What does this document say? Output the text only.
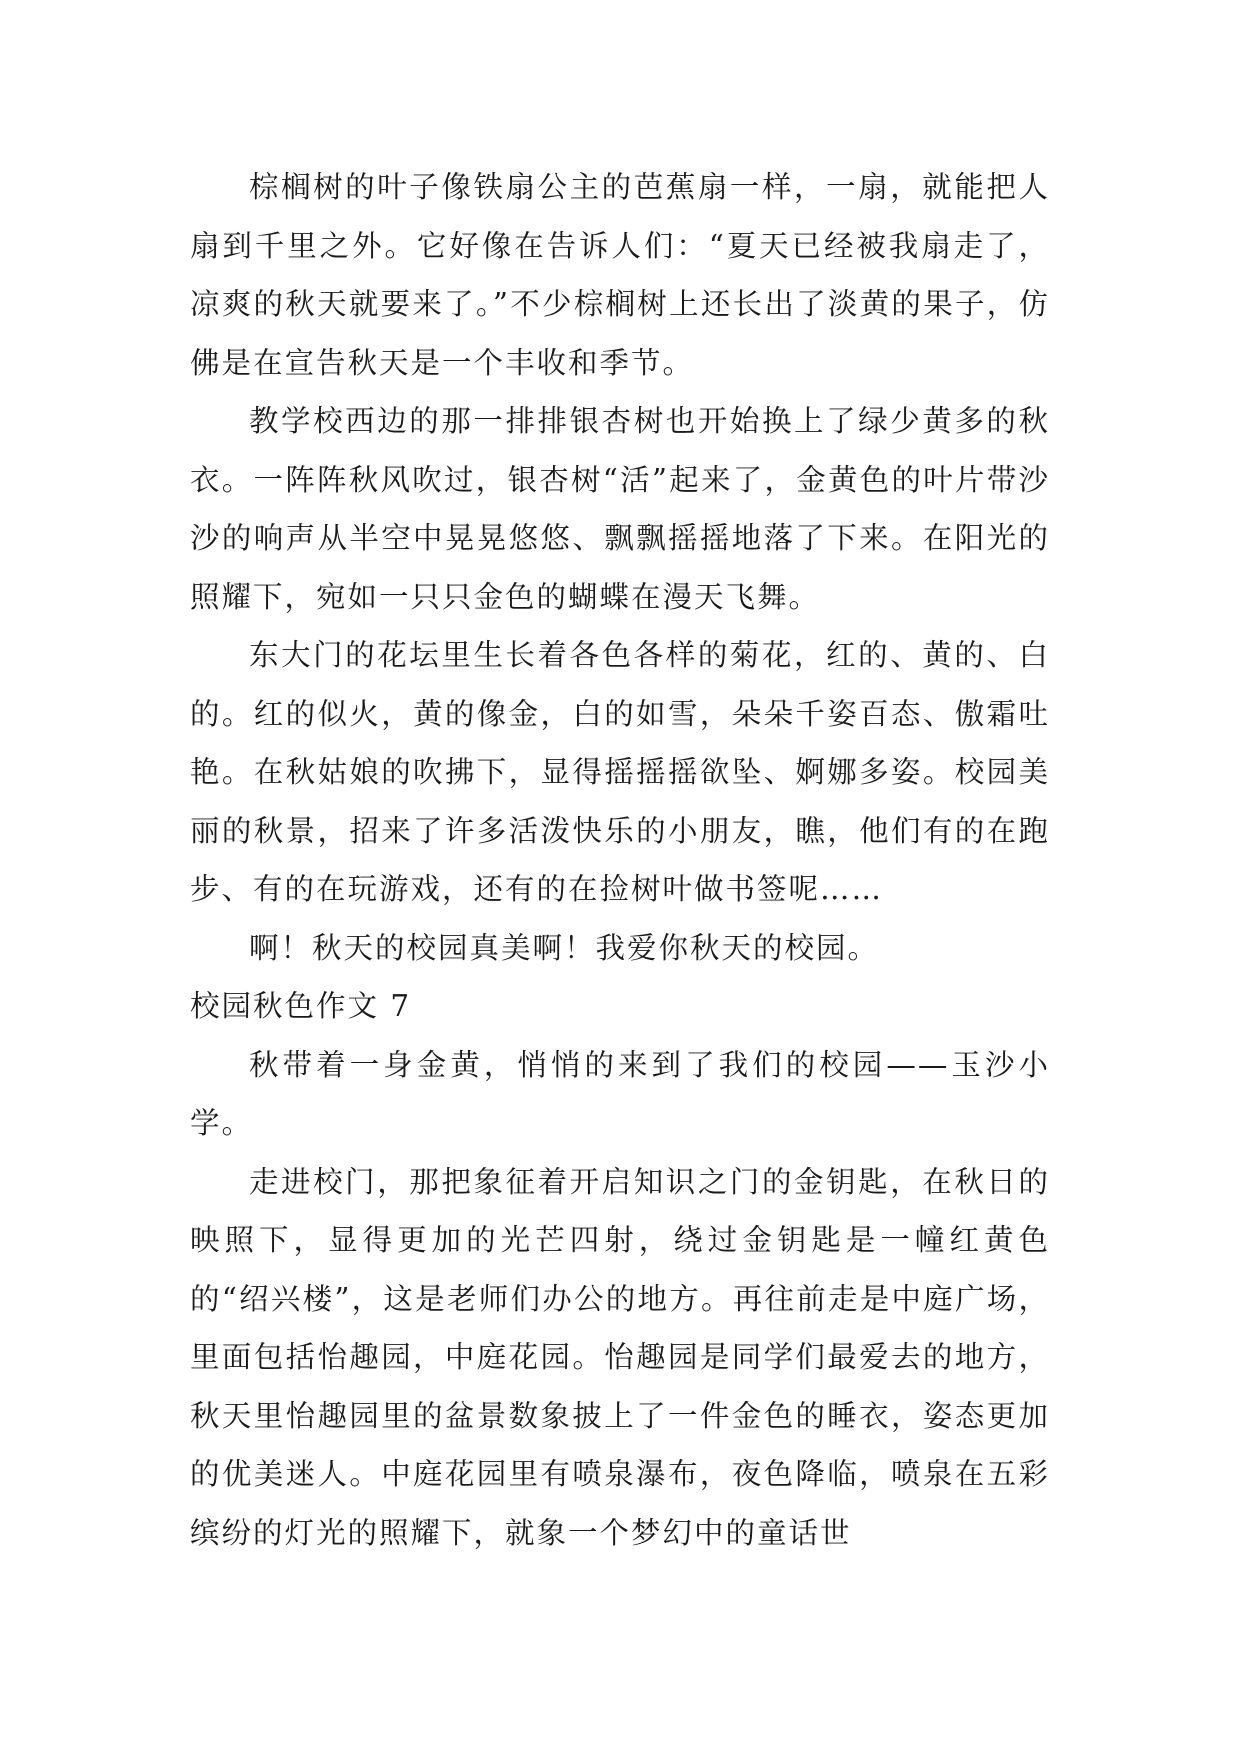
棕榈树的叶子像铁扇公主的芭蕉扇一样，一扇，就能把人扇到千里之外。它好像在告诉人们：“夏天已经被我扇走了，凉爽的秋天就要来了。”不少棕榈树上还长出了淡黄的果子，仿佛是在宣告秋天是一个丰收和季节。

教学校西边的那一排排银杏树也开始换上了绿少黄多的秋衣。一阵阵秋风吹过，银杏树“活”起来了，金黄色的叶片带沙沙的响声从半空中晃晃悠悠、飘飘摇摇地落了下来。在阳光的照耀下，宛如一只只金色的蝴蝶在漫天飞舞。

东大门的花坛里生长着各色各样的菊花，红的、黄的、白的。红的似火，黄的像金，白的如雪，朵朵千姿百态、傲霜吐艳。在秋姑娘的吹拂下，显得摇摇摇欲坠、婀娜多姿。校园美丽的秋景，招来了许多活泼快乐的小朋友，瞧，他们有的在跑步、有的在玩游戏，还有的在捡树叶做书签呢……

啊！秋天的校园真美啊！我爱你秋天的校园。

校园秋色作文 7

秋带着一身金黄，悄悄的来到了我们的校园——玉沙小学。

走进校门，那把象征着开启知识之门的金钥匙，在秋日的映照下，显得更加的光芒四射，绕过金钥匙是一幢红黄色的“绍兴楼”，这是老师们办公的地方。再往前走是中庭广场，里面包括怡趣园，中庭花园。怡趣园是同学们最爱去的地方，秋天里怡趣园里的盆景数象披上了一件金色的睡衣，姿态更加的优美迷人。中庭花园里有喷泉瀑布，夜色降临，喷泉在五彩缤纷的灯光的照耀下，就象一个梦幻中的童话世
